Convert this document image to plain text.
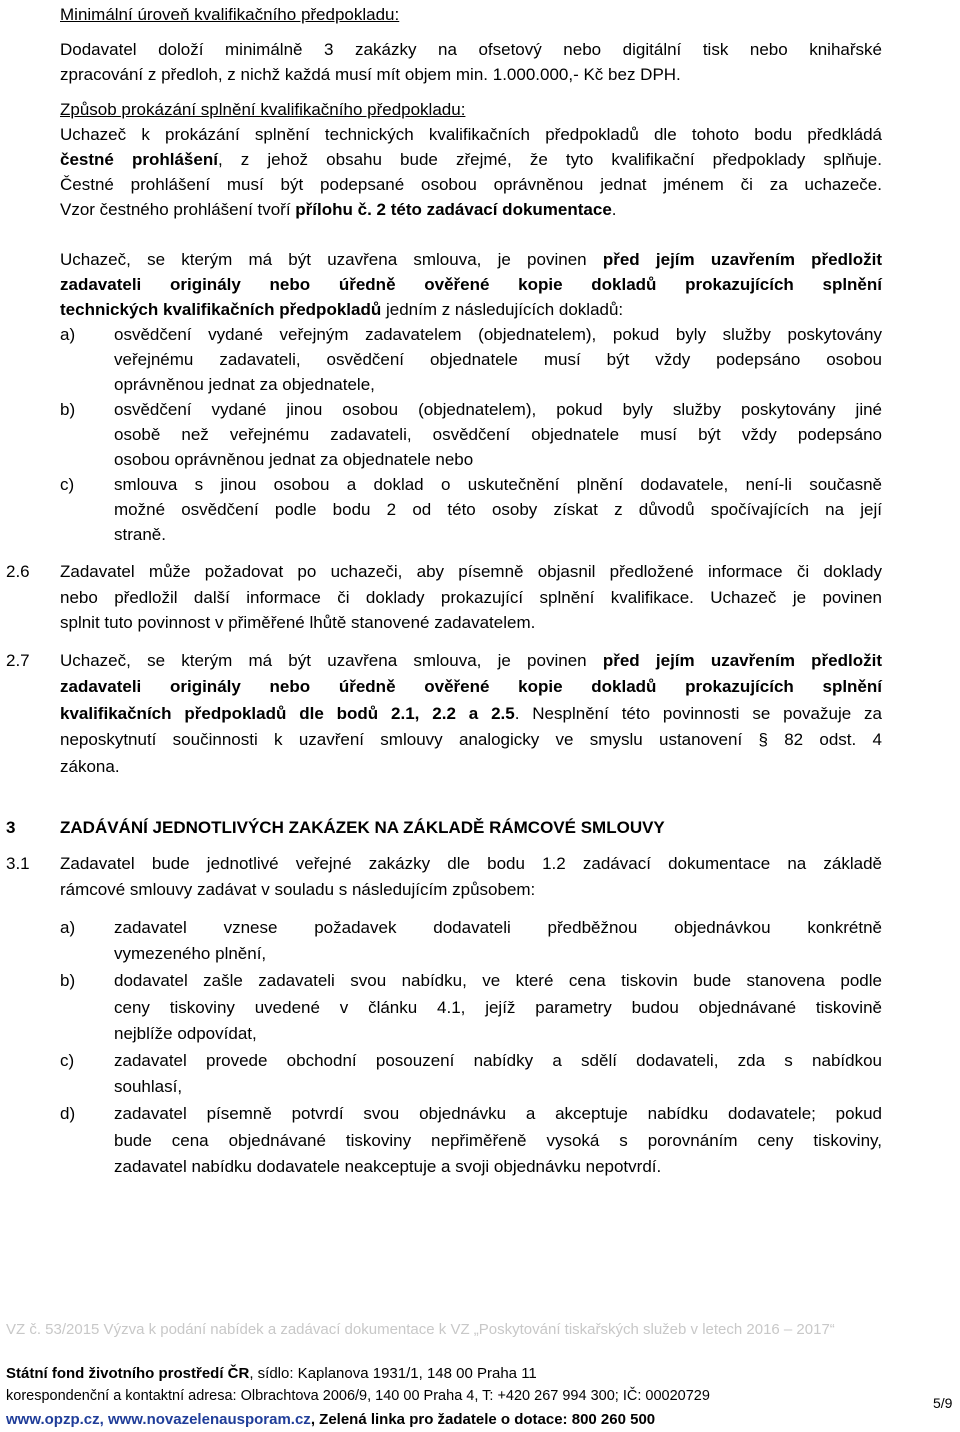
Minimální úroveň kvalifikačního předpokladu:
Dodavatel doloží minimálně 3 zakázky na ofsetový nebo digitální tisk nebo knihařské
zpracování z předloh, z nichž každá musí mít objem min. 1.000.000,- Kč bez DPH.
Způsob prokázání splnění kvalifikačního předpokladu:
Uchazeč k prokázání splnění technických kvalifikačních předpokladů dle tohoto bodu předkládá
čestné prohlášení, z jehož obsahu bude zřejmé, že tyto kvalifikační předpoklady splňuje.
Čestné prohlášení musí být podepsané osobou oprávněnou jednat jménem či za uchazeče.
Vzor čestného prohlášení tvoří přílohu č. 2 této zadávací dokumentace.
Uchazeč, se kterým má být uzavřena smlouva, je povinen před jejím uzavřením předložit
zadavateli originály nebo úředně ověřené kopie dokladů prokazujících splnění
technických kvalifikačních předpokladů jedním z následujících dokladů:
a) osvědčení vydané veřejným zadavatelem (objednatelem), pokud byly služby poskytovány
veřejnému zadavateli, osvědčení objednatele musí být vždy podepsáno osobou
oprávněnou jednat za objednatele,
b) osvědčení vydané jinou osobou (objednatelem), pokud byly služby poskytovány jiné
osobě než veřejnému zadavateli, osvědčení objednatele musí být vždy podepsáno
osobou oprávněnou jednat za objednatele nebo
c) smlouva s jinou osobou a doklad o uskutečnění plnění dodavatele, není-li současně
možné osvědčení podle bodu 2 od této osoby získat z důvodů spočívajících na její
straně.
2.6 Zadavatel může požadovat po uchazeči, aby písemně objasnil předložené informace či doklady
nebo předložil další informace či doklady prokazující splnění kvalifikace. Uchazeč je povinen
splnit tuto povinnost v přiměřené lhůtě stanovené zadavatelem.
2.7 Uchazeč, se kterým má být uzavřena smlouva, je povinen před jejím uzavřením předložit
zadavateli originály nebo úředně ověřené kopie dokladů prokazujících splnění
kvalifikačních předpokladů dle bodů 2.1, 2.2 a 2.5. Nesplnění této povinnosti se považuje za
neposkytnutí součinnosti k uzavření smlouvy analogicky ve smyslu ustanovení § 82 odst. 4
zákona.
3	ZADÁVÁNÍ JEDNOTLIVÝCH ZAKÁZEK NA ZÁKLADĚ RÁMCOVÉ SMLOUVY
3.1 Zadavatel bude jednotlivé veřejné zakázky dle bodu 1.2 zadávací dokumentace na základě
rámcové smlouvy zadávat v souladu s následujícím způsobem:
a) zadavatel vznese požadavek dodavateli předběžnou objednávkou konkrétně
vymezeného plnění,
b) dodavatel zašle zadavateli svou nabídku, ve které cena tiskovin bude stanovena podle
ceny tiskoviny uvedené v článku 4.1, jejíž parametry budou objednávané tiskovině
nejblíže odpovídat,
c) zadavatel provede obchodní posouzení nabídky a sdělí dodavateli, zda s nabídkou
souhlasí,
d) zadavatel písemně potvrdí svou objednávku a akceptuje nabídku dodavatele; pokud
bude cena objednávané tiskoviny nepřiměřeně vysoká s porovnáním ceny tiskoviny,
zadavatel nabídku dodavatele neakceptuje a svoji objednávku nepotvrdí.
VZ č. 53/2015 Výzva k podání nabídek a zadávací dokumentace k VZ „Poskytování tiskařských služeb v letech 2016 – 2017“
Státní fond životního prostředí ČR, sídlo: Kaplanova 1931/1, 148 00 Praha 11
korespondenční a kontaktní adresa: Olbrachtova 2006/9, 140 00 Praha 4, T: +420 267 994 300; IČ: 00020729
www.opzp.cz, www.novazelenausporam.cz, Zelená linka pro žadatele o dotace: 800 260 500
5/9
